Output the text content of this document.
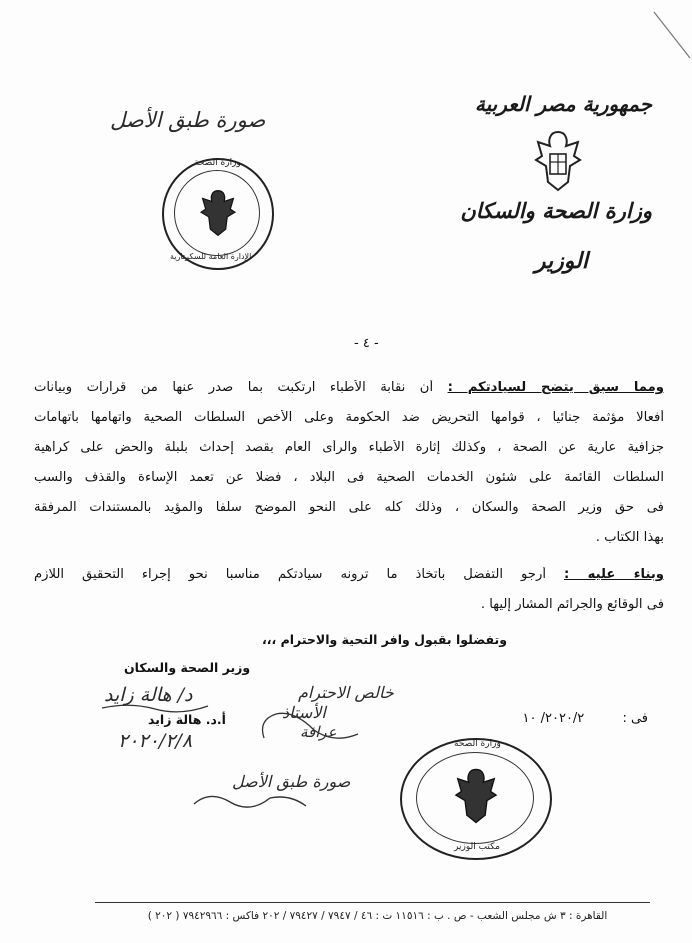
جمهورية مصر العربية
وزارة الصحة والسكان
الوزير
صورة طبق الأصل
وزارة الصحة
الإدارة العامة للسكرتارية
- ٤ -
ومما سبق يتضح لسيادتكم : أن نقابة الأطباء ارتكبت بما صدر عنها من قرارات وبيانات
أفعالا مؤثمة جنائيا ، قوامها التحريض ضد الحكومة وعلى الأخص السلطات الصحية واتهامها باتهامات
جزافية عارية عن الصحة ، وكذلك إثارة الأطباء والرأى العام بقصد إحداث بلبلة والحض على كراهية
السلطات القائمة على شئون الخدمات الصحية فى البلاد ، فضلا عن تعمد الإساءة والقذف والسب
فى حق وزير الصحة والسكان ، وذلك كله على النحو الموضح سلفا والمؤيد بالمستندات المرفقة
بهذا الكتاب .
وبناء عليه : أرجو التفضل باتخاذ ما ترونه سيادتكم مناسبا نحو إجراء التحقيق اللازم
فى الوقائع والجرائم المشار إليها .
وتفضلوا بقبول وافر التحية والاحترام ،،،
وزير الصحة والسكان
د/ هالة زايد
أ.د. هالة زايد
٢٠٢٠/٢/٨
خالص الاحترام
الأستاذ
عرافة
فى : ٢٠٢٠/٢/ ١٠
صورة طبق الأصل
وزارة الصحة
مكتب الوزير
القاهرة : ٣ ش مجلس الشعب - ص . ب : ١١٥١٦ ت : ٤٦ / ٧٩٤٧ / ٧٩٤٢٧ / ٢٠٢ فاكس : ٧٩٤٢٩٦٦ ( ٢٠٢ )
